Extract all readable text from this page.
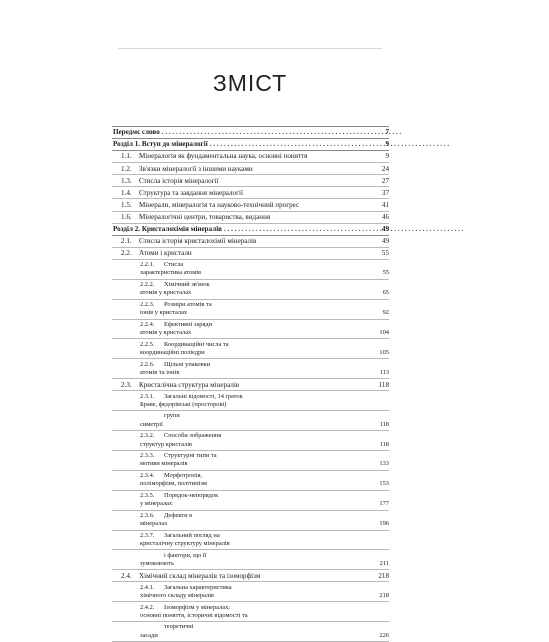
ЗМІСТ
Передмє слово . . .	7
Розділ 1. Вступ до мінералогії . . .	9
1.1. Мінералогія як фундаментальна наука, основні поняття	9
1.2. Зв'язки мінералогії з іншими науками	24
1.3. Стисла історія мінералогії	27
1.4. Структура та завдання мінералогії	37
1.5. Мінерали, мінералогія та науково-технічний прогрес	41
1.6. Мінералогічні центри, товариства, видання	46
Розділ 2. Кристалохімія мінералів . . .	49
2.1. Стисла історія кристалохімії мінералів	49
2.2. Атоми і кристали	55
2.2.1. Стисла характеристика атомів	55
2.2.2. Хімічний зв'язок атомів у кристалах	65
2.2.3. Розміри атомів та іонів у кристалах	92
2.2.4. Ефективні заряди атомів у кристалах	104
2.2.5. Координаційні числа та координаційні поліедри	105
2.2.6. Щільні упаковки атомів та іонів	113
2.3. Кристалічна структура мінералів	118
2.3.1. Загальні відомості, 14 ґраток Браве, федорівські (просторові)
групи симетрії	118
2.3.2. Способи зображення структур кристалів	118
2.3.3. Структурні типи та мотиви мінералів	133
2.3.4. Морфотропія, поліморфізм, політипізм	153
2.3.5. Порядок-непорядок у мінералах	177
2.3.6. Дефекти в мінералах	196
2.3.7. Загальний погляд на кристалічну структуру мінералів
і фактори, що її зумовлюють	211
2.4. Хімічний склад мінералів та ізоморфізм	218
2.4.1. Загальна характеристика хімічного складу мінералів	218
2.4.2. Ізоморфізм у мінералах: основні поняття, історичні відомості та
теоретичні засади	226
